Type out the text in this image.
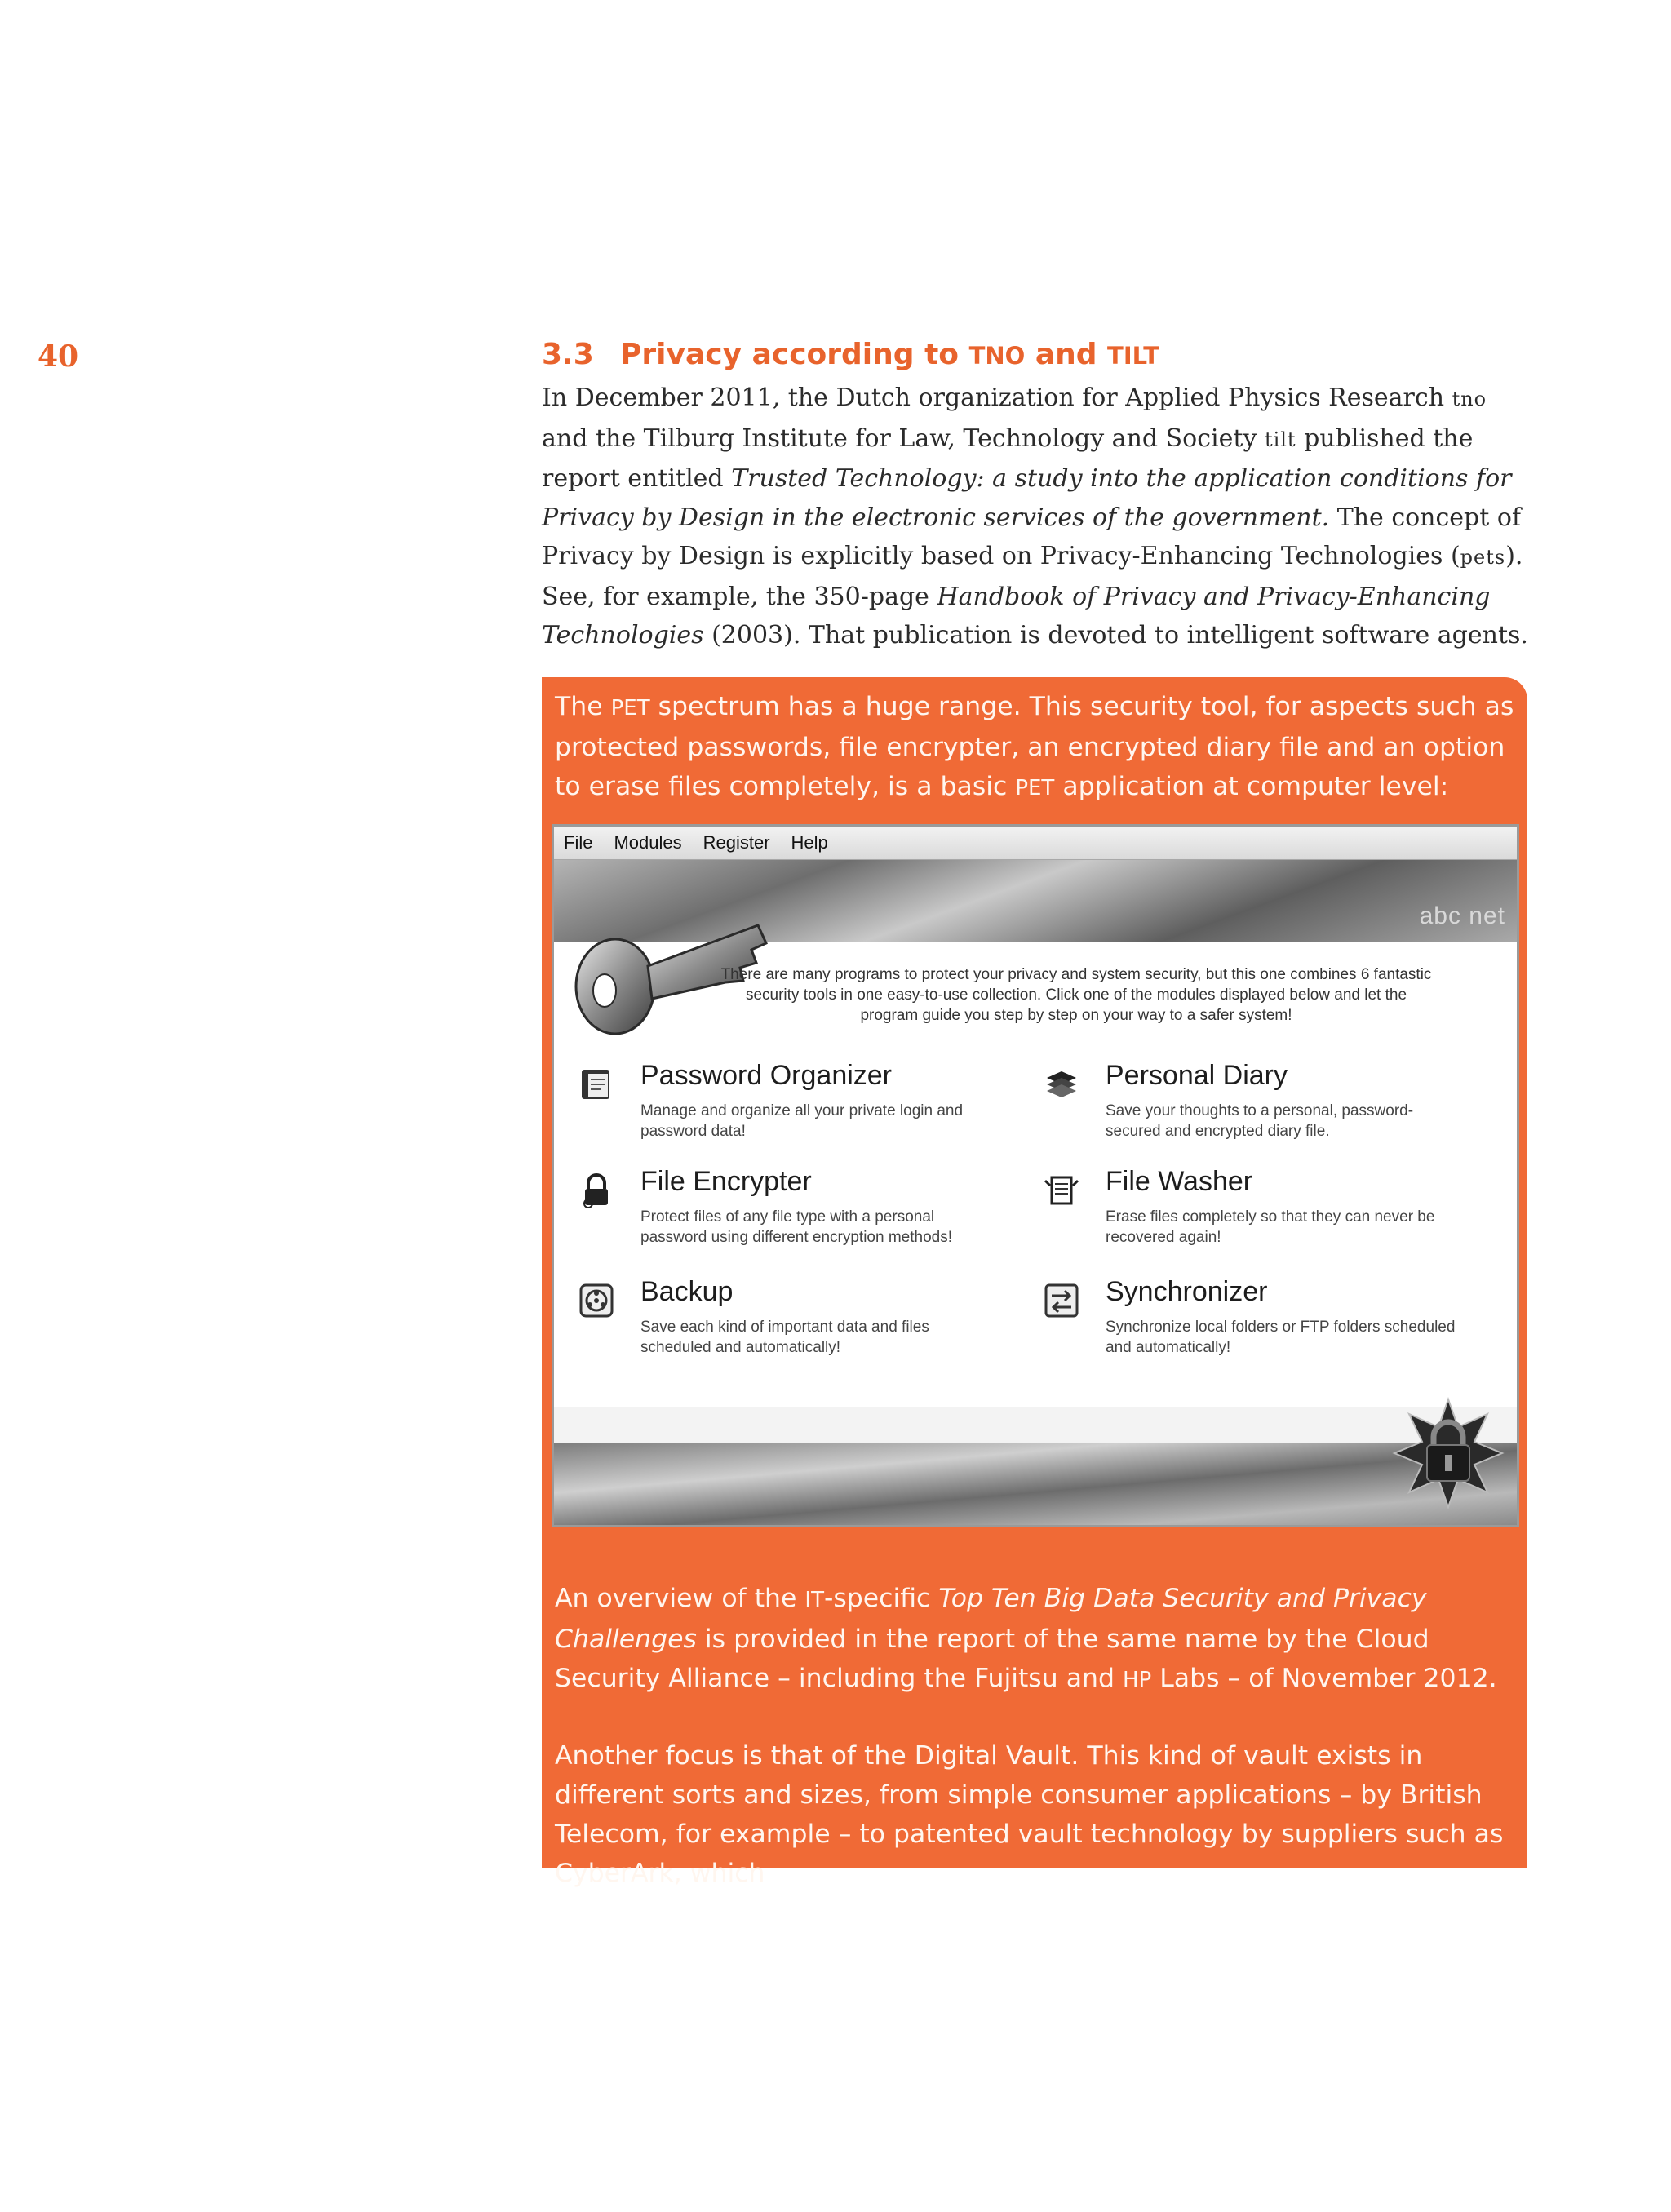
40	3.3 Privacy according to TNO and TILT

In December 2011, the Dutch organization for Applied Physics Research tno and the Tilburg Institute for Law, Technology and Society tilt published the report entitled Trusted Technology: a study into the application conditions for Privacy by Design in the electronic services of the government. The concept of Privacy by Design is explicitly based on Privacy-Enhancing Technologies (pets). See, for example, the 350-page Handbook of Privacy and Privacy-Enhancing Technologies (2003). That publication is devoted to intelligent software agents.

The PET spectrum has a huge range. This security tool, for aspects such as protected passwords, file encrypter, an encrypted diary file and an option to erase files completely, is a basic PET application at computer level:

File Modules Register Help
abc net
There are many programs to protect your privacy and system security, but this one combines 6 fantastic security tools in one easy-to-use collection. Click one of the modules displayed below and let the program guide you step by step on your way to a safer system!
Password Organizer
Manage and organize all your private login and password data!
Personal Diary
Save your thoughts to a personal, password-secured and encrypted diary file.
File Encrypter
Protect files of any file type with a personal password using different encryption methods!
File Washer
Erase files completely so that they can never be recovered again!
Backup
Save each kind of important data and files scheduled and automatically!
Synchronizer
Synchronize local folders or FTP folders scheduled and automatically!

An overview of the IT-specific Top Ten Big Data Security and Privacy Challenges is provided in the report of the same name by the Cloud Security Alliance – including the Fujitsu and HP Labs – of November 2012.

Another focus is that of the Digital Vault. This kind of vault exists in different sorts and sizes, from simple consumer applications – by British Telecom, for example – to patented vault technology by suppliers such as CyberArk, which
